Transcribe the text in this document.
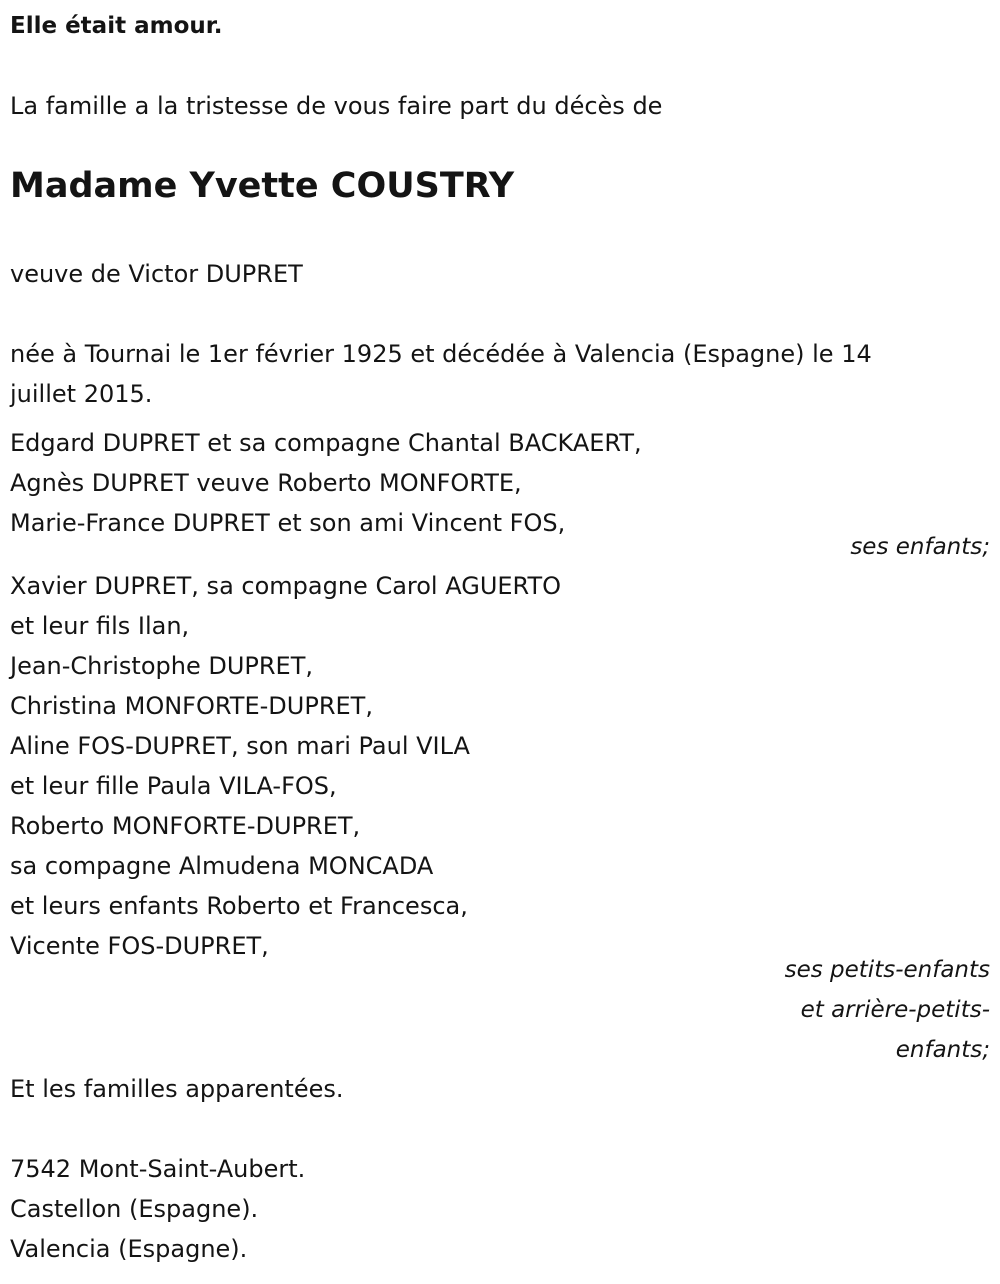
Elle était amour.
La famille a la tristesse de vous faire part du décès de
Madame Yvette COUSTRY
veuve de Victor DUPRET
née à Tournai le 1er février 1925 et décédée à Valencia (Espagne) le 14
juillet 2015.
Edgard DUPRET et sa compagne Chantal BACKAERT,
Agnès DUPRET veuve Roberto MONFORTE,
Marie-France DUPRET et son ami Vincent FOS,
ses enfants;
Xavier DUPRET, sa compagne Carol AGUERTO
et leur fils Ilan,
Jean-Christophe DUPRET,
Christina MONFORTE-DUPRET,
Aline FOS-DUPRET, son mari Paul VILA
et leur fille Paula VILA-FOS,
Roberto MONFORTE-DUPRET,
sa compagne Almudena MONCADA
et leurs enfants Roberto et Francesca,
Vicente FOS-DUPRET,
ses petits-enfants
et arrière-petits-
enfants;
Et les familles apparentées.
7542 Mont-Saint-Aubert.
Castellon (Espagne).
Valencia (Espagne).
